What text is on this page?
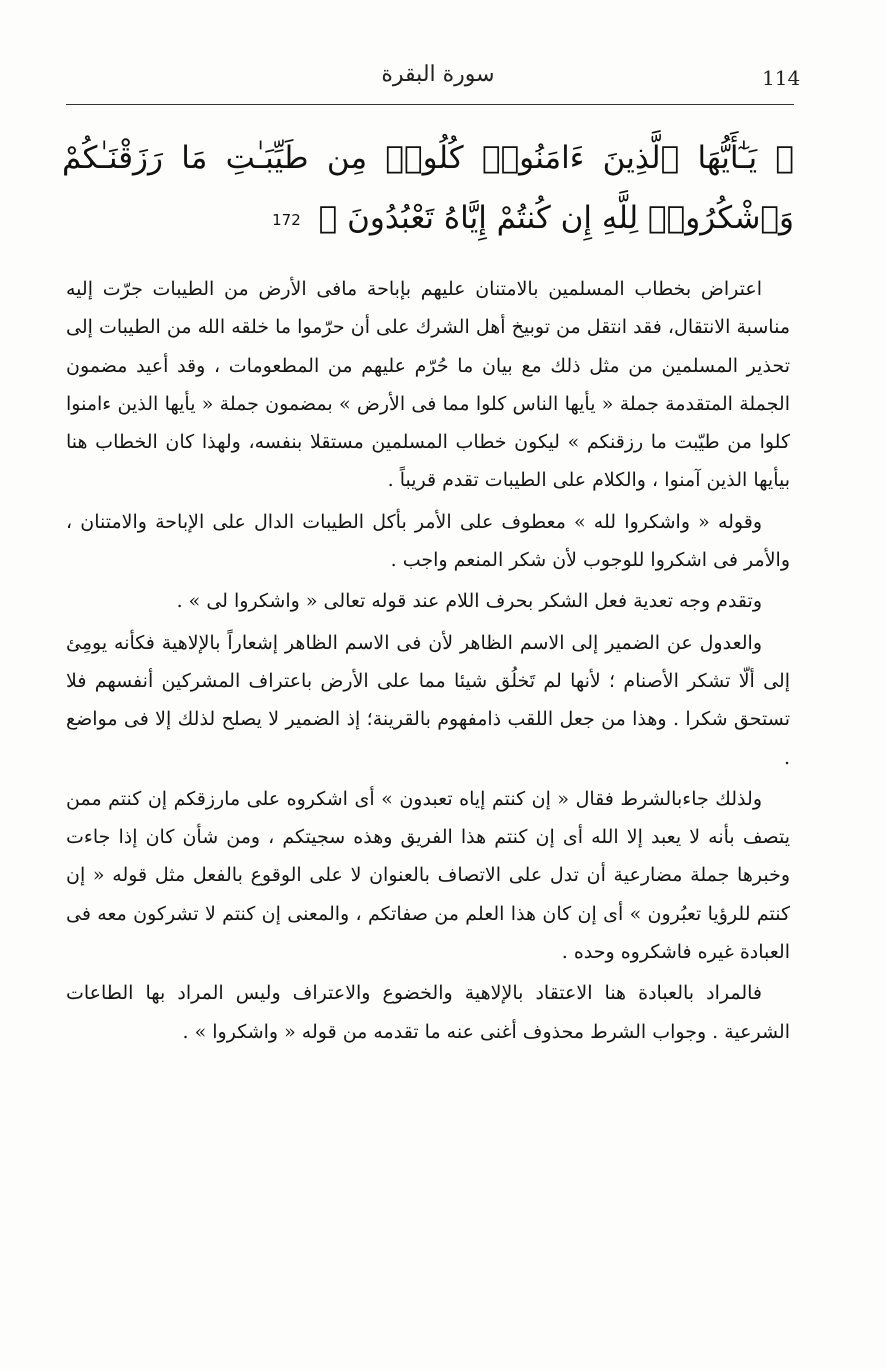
114
سورة البقرة
﴿ يَـٰٓأَيُّهَا ٱلَّذِينَ ءَامَنُوا۟ كُلُوا۟ مِن طَيِّبَـٰتِ مَا رَزَقْنَـٰكُمْ وَٱشْكُرُوا۟ لِلَّهِ إِن كُنتُمْ إِيَّاهُ تَعْبُدُونَ ﴾ 172

اعتراض بخطاب المسلمين بالامتنان عليهم بإباحة مافى الأرض من الطيبات جرّت إليه مناسبة الانتقال، فقد انتقل من توبيخ أهل الشرك على أن حرّموا ما خلقه الله من الطيبات إلى تحذير المسلمين من مثل ذلك مع بيان ما حُرّم عليهم من المطعومات ، وقد أعيد مضمون الجملة المتقدمة جملة « يأيها الناس كلوا مما فى الأرض » بمضمون جملة « يأيها الذين ءامنوا كلوا من طيّبت ما رزقنكم » ليكون خطاب المسلمين مستقلا بنفسه، ولهذا كان الخطاب هنا بيأيها الذين آمنوا ، والكلام على الطيبات تقدم قريباً .

وقوله « واشكروا لله » معطوف على الأمر بأكل الطيبات الدال على الإباحة والامتنان ، والأمر فى اشكروا للوجوب لأن شكر المنعم واجب .

وتقدم وجه تعدية فعل الشكر بحرف اللام عند قوله تعالى « واشكروا لى » .

والعدول عن الضمير إلى الاسم الظاهر لأن فى الاسم الظاهر إشعاراً بالإلاهية فكأنه يومِئ إلى ألّا تشكر الأصنام ؛ لأنها لم تَخلُق شيئا مما على الأرض باعتراف المشركين أنفسهم فلا تستحق شكرا . وهذا من جعل اللقب ذامفهوم بالقرينة؛ إذ الضمير لا يصلح لذلك إلا فى مواضع .

ولذلك جاءبالشرط فقال « إن كنتم إياه تعبدون » أى اشكروه على مارزقكم إن كنتم ممن يتصف بأنه لا يعبد إلا الله أى إن كنتم هذا الفريق وهذه سجيتكم ، ومن شأن كان إذا جاءت وخبرها جملة مضارعية أن تدل على الاتصاف بالعنوان لا على الوقوع بالفعل مثل قوله « إن كنتم للرؤيا تعبُرون » أى إن كان هذا العلم من صفاتكم ، والمعنى إن كنتم لا تشركون معه فى العبادة غيره فاشكروه وحده .

فالمراد بالعبادة هنا الاعتقاد بالإلاهية والخضوع والاعتراف وليس المراد بها الطاعات الشرعية . وجواب الشرط محذوف أغنى عنه ما تقدمه من قوله « واشكروا » .
